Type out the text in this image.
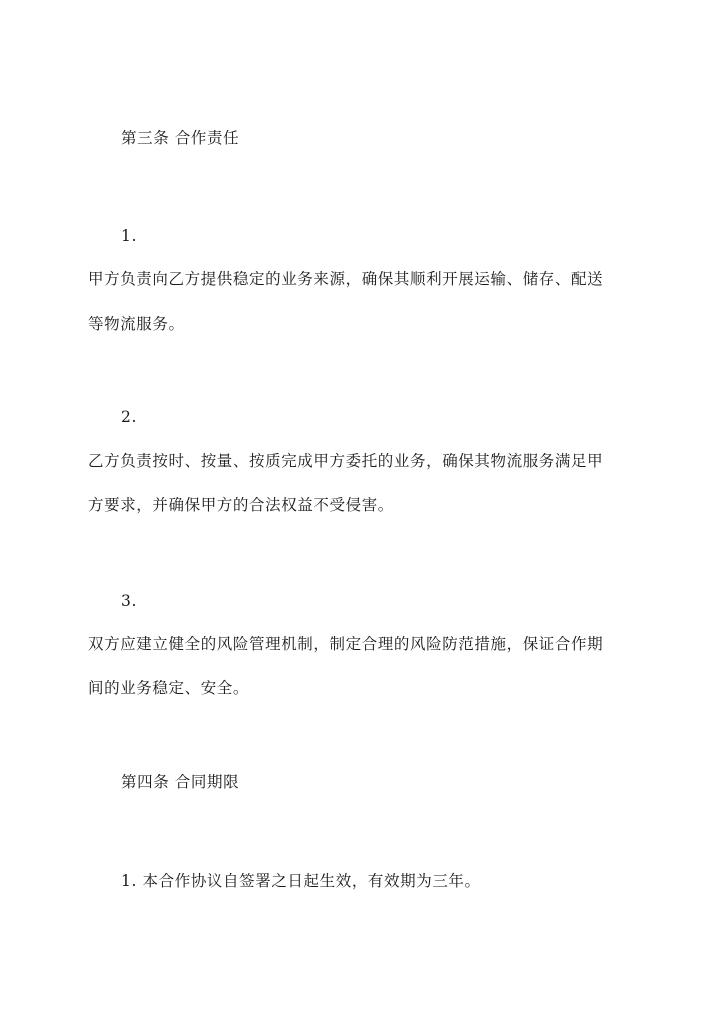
第三条 合作责任
1.
甲方负责向乙方提供稳定的业务来源，确保其顺利开展运输、储存、配送
等物流服务。
2.
乙方负责按时、按量、按质完成甲方委托的业务，确保其物流服务满足甲
方要求，并确保甲方的合法权益不受侵害。
3.
双方应建立健全的风险管理机制，制定合理的风险防范措施，保证合作期
间的业务稳定、安全。
第四条 合同期限
1. 本合作协议自签署之日起生效，有效期为三年。
